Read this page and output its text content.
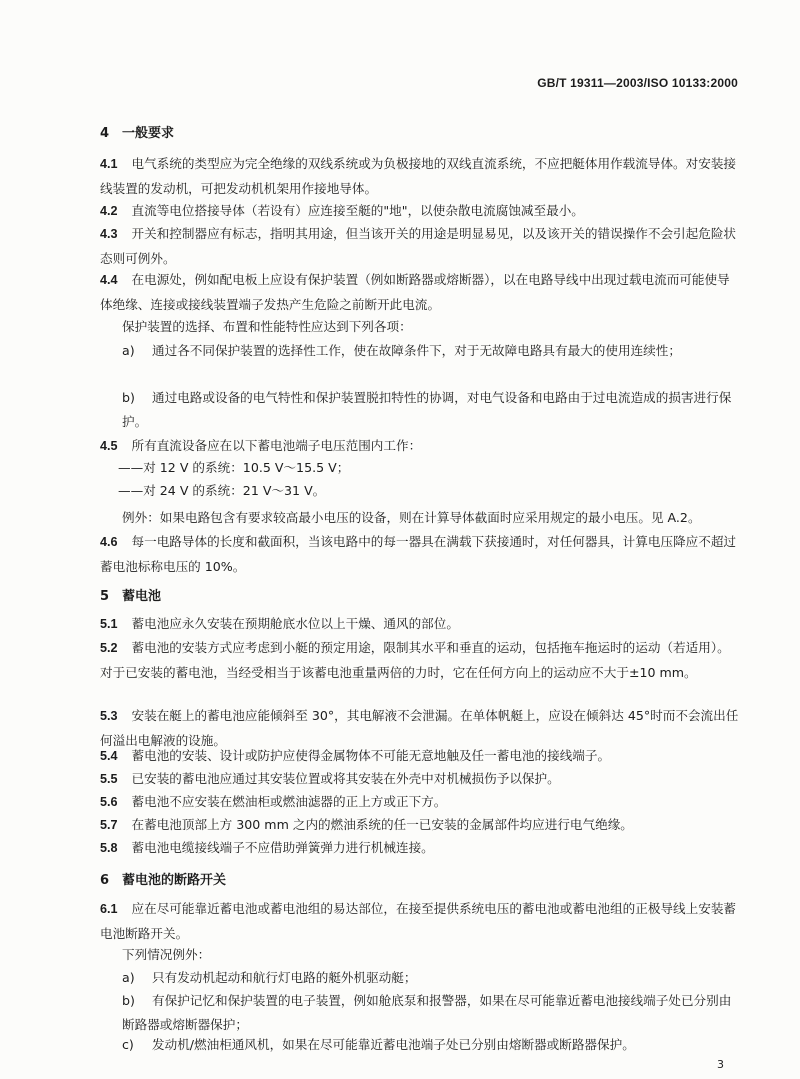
GB/T 19311—2003/ISO 10133:2000
4　一般要求
4.1 电气系统的类型应为完全绝缘的双线系统或为负极接地的双线直流系统，不应把艇体用作载流导体。对安装接线装置的发动机，可把发动机机架用作接地导体。
4.2 直流等电位搭接导体（若设有）应连接至艇的"地"，以使杂散电流腐蚀减至最小。
4.3 开关和控制器应有标志，指明其用途，但当该开关的用途是明显易见，以及该开关的错误操作不会引起危险状态则可例外。
4.4 在电源处，例如配电板上应设有保护装置（例如断路器或熔断器），以在电路导线中出现过载电流而可能使导体绝缘、连接或接线装置端子发热产生危险之前断开此电流。
保护装置的选择、布置和性能特性应达到下列各项：
a) 通过各不同保护装置的选择性工作，使在故障条件下，对于无故障电路具有最大的使用连续性；
b) 通过电路或设备的电气特性和保护装置脱扣特性的协调，对电气设备和电路由于过电流造成的损害进行保护。
4.5 所有直流设备应在以下蓄电池端子电压范围内工作：
——对 12 V 的系统：10.5 V～15.5 V；
——对 24 V 的系统：21 V～31 V。
例外：如果电路包含有要求较高最小电压的设备，则在计算导体截面时应采用规定的最小电压。见 A.2。
4.6 每一电路导体的长度和截面积，当该电路中的每一器具在满载下获接通时，对任何器具，计算电压降应不超过蓄电池标称电压的 10%。
5　蓄电池
5.1 蓄电池应永久安装在预期舱底水位以上干燥、通风的部位。
5.2 蓄电池的安装方式应考虑到小艇的预定用途，限制其水平和垂直的运动，包括拖车拖运时的运动（若适用）。对于已安装的蓄电池，当经受相当于该蓄电池重量两倍的力时，它在任何方向上的运动应不大于±10 mm。
5.3 安装在艇上的蓄电池应能倾斜至 30°，其电解液不会泄漏。在单体帆艇上，应设在倾斜达 45°时而不会流出任何溢出电解液的设施。
5.4 蓄电池的安装、设计或防护应使得金属物体不可能无意地触及任一蓄电池的接线端子。
5.5 已安装的蓄电池应通过其安装位置或将其安装在外壳中对机械损伤予以保护。
5.6 蓄电池不应安装在燃油柜或燃油滤器的正上方或正下方。
5.7 在蓄电池顶部上方 300 mm 之内的燃油系统的任一已安装的金属部件均应进行电气绝缘。
5.8 蓄电池电缆接线端子不应借助弹簧弹力进行机械连接。
6　蓄电池的断路开关
6.1 应在尽可能靠近蓄电池或蓄电池组的易达部位，在接至提供系统电压的蓄电池或蓄电池组的正极导线上安装蓄电池断路开关。
下列情况例外：
a) 只有发动机起动和航行灯电路的艇外机驱动艇；
b) 有保护记忆和保护装置的电子装置，例如舱底泵和报警器，如果在尽可能靠近蓄电池接线端子处已分别由断路器或熔断器保护；
c) 发动机/燃油柜通风机，如果在尽可能靠近蓄电池端子处已分别由熔断器或断路器保护。
3
